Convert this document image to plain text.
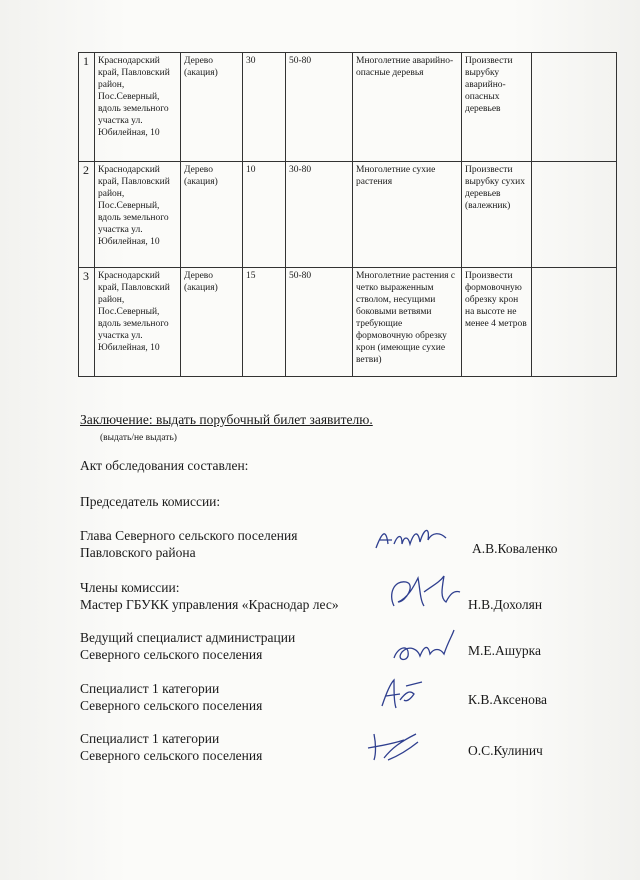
1	Краснодарский край, Павловский район, Пос.Северный, вдоль земельного участка ул. Юбилейная, 10	Дерево (акация)	30	50-80	Многолетние аварийно-опасные деревья	Произвести вырубку аварийно-опасных деревьев	
2	Краснодарский край, Павловский район, Пос.Северный, вдоль земельного участка ул. Юбилейная, 10	Дерево (акация)	10	30-80	Многолетние сухие растения	Произвести вырубку сухих деревьев (валежник)	
3	Краснодарский край, Павловский район, Пос.Северный, вдоль земельного участка ул. Юбилейная, 10	Дерево (акация)	15	50-80	Многолетние растения с четко выраженным стволом, несущими боковыми ветвями требующие формовочную обрезку крон (имеющие сухие ветви)	Произвести формовочную обрезку крон на высоте не менее 4 метров	
Заключение: выдать порубочный билет заявителю.
(выдать/не выдать)
Акт обследования составлен:
Председатель комиссии:
Глава Северного сельского поселения
Павловского района	А.В.Коваленко
Члены комиссии:
Мастер ГБУКК управления «Краснодар лес»	Н.В.Дохолян
Ведущий специалист администрации
Северного сельского поселения	М.Е.Ашурка
Специалист 1 категории
Северного сельского поселения	К.В.Аксенова
Специалист 1 категории
Северного сельского поселения	О.С.Кулинич
